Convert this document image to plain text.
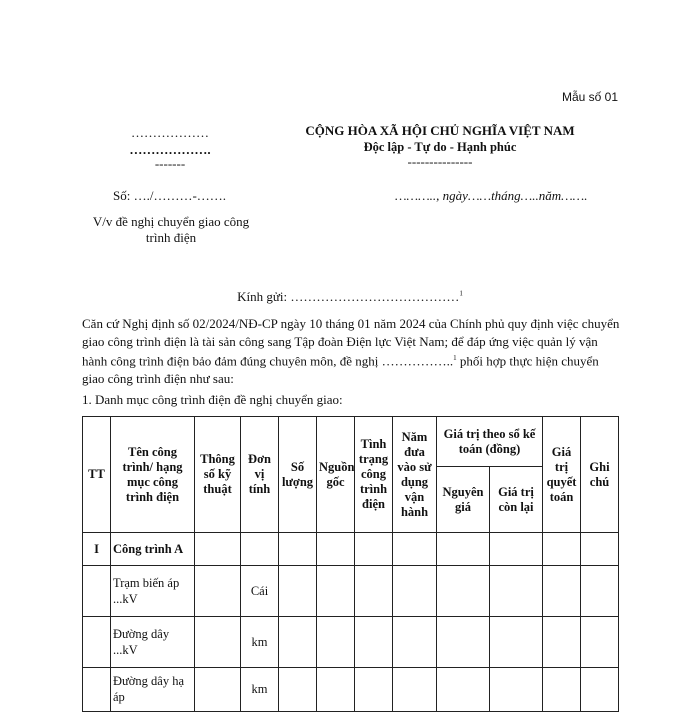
Mẫu số 01
………………
……………….
-------
CỘNG HÒA XÃ HỘI CHỦ NGHĨA VIỆT NAM
Độc lập - Tự do - Hạnh phúc
---------------
Số: …./………-…….	……….., ngày……tháng…..năm…….
V/v đề nghị chuyển giao công trình điện
Kính gửi: …………………………………$^1$
Căn cứ Nghị định số 02/2024/NĐ-CP ngày 10 tháng 01 năm 2024 của Chính phủ quy định việc chuyển giao công trình điện là tài sản công sang Tập đoàn Điện lực Việt Nam; để đáp ứng việc quản lý vận hành công trình điện bảo đảm đúng chuyên môn, đề nghị ……………..$^1$ phối hợp thực hiện chuyển giao công trình điện như sau:
1. Danh mục công trình điện đề nghị chuyển giao:
TT	Tên công trình/ hạng mục công trình điện	Thông số kỹ thuật	Đơn vị tính	Số lượng	Nguồn gốc	Tình trạng công trình điện	Năm đưa vào sử dụng vận hành	Giá trị theo sổ kế toán (đồng)		Giá trị quyết toán	Ghi chú
								Nguyên giá	Giá trị còn lại		
I	Công trình A										
	Trạm biến áp ...kV		Cái								
	Đường dây ...kV		km								
	Đường dây hạ áp		km								
